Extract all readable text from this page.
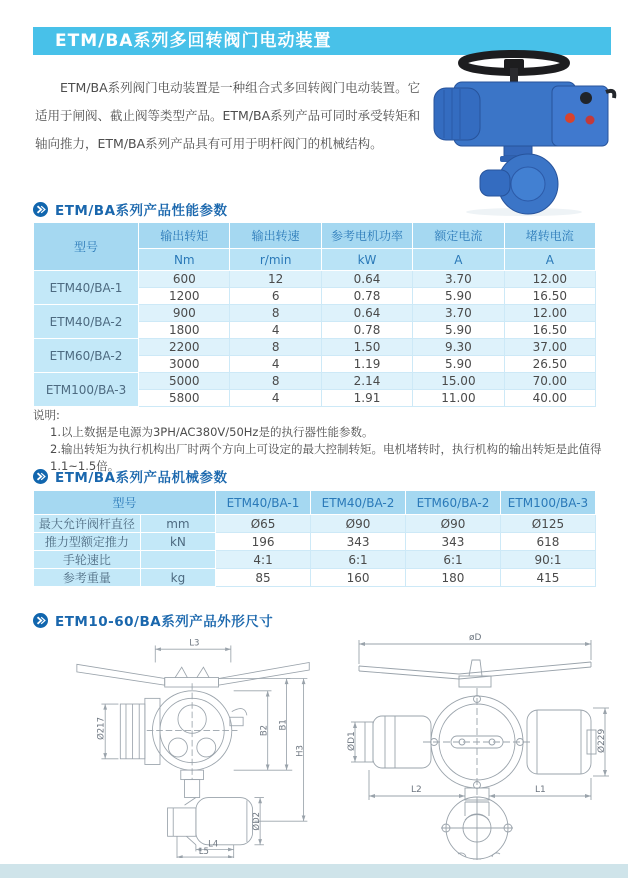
ETM/BA系列多回转阀门电动装置

ETM/BA系列阀门电动装置是一种组合式多回转阀门电动装置。它适用于闸阀、截止阀等类型产品。ETM/BA系列产品可同时承受转矩和轴向推力，ETM/BA系列产品具有可用于明杆阀门的机械结构。

ETM/BA系列产品性能参数
型号	输出转矩	输出转速	参考电机功率	额定电流	堵转电流
	Nm	r/min	kW	A	A
ETM40/BA-1	600	12	0.64	3.70	12.00
	1200	6	0.78	5.90	16.50
ETM40/BA-2	900	8	0.64	3.70	12.00
	1800	4	0.78	5.90	16.50
ETM60/BA-2	2200	8	1.50	9.30	37.00
	3000	4	1.19	5.90	26.50
ETM100/BA-3	5000	8	2.14	15.00	70.00
	5800	4	1.91	11.00	40.00
说明:
1.以上数据是电源为3PH/AC380V/50Hz是的执行器性能参数。
2.输出转矩为执行机构出厂时两个方向上可设定的最大控制转矩。电机堵转时，执行机构的输出转矩是此值得1.1~1.5倍。
ETM/BA系列产品机械参数
型号		ETM40/BA-1	ETM40/BA-2	ETM60/BA-2	ETM100/BA-3
最大允许阀杆直径	mm	Ø65	Ø90	Ø90	Ø125
推力型额定推力	kN	196	343	343	618
手轮速比		4:1	6:1	6:1	90:1
参考重量	kg	85	160	180	415
ETM10-60/BA系列产品外形尺寸
L3
Ø217	B2
B1
H3
ØD2
L4
L5
øD
ØD1	Ø229
L2	L1
